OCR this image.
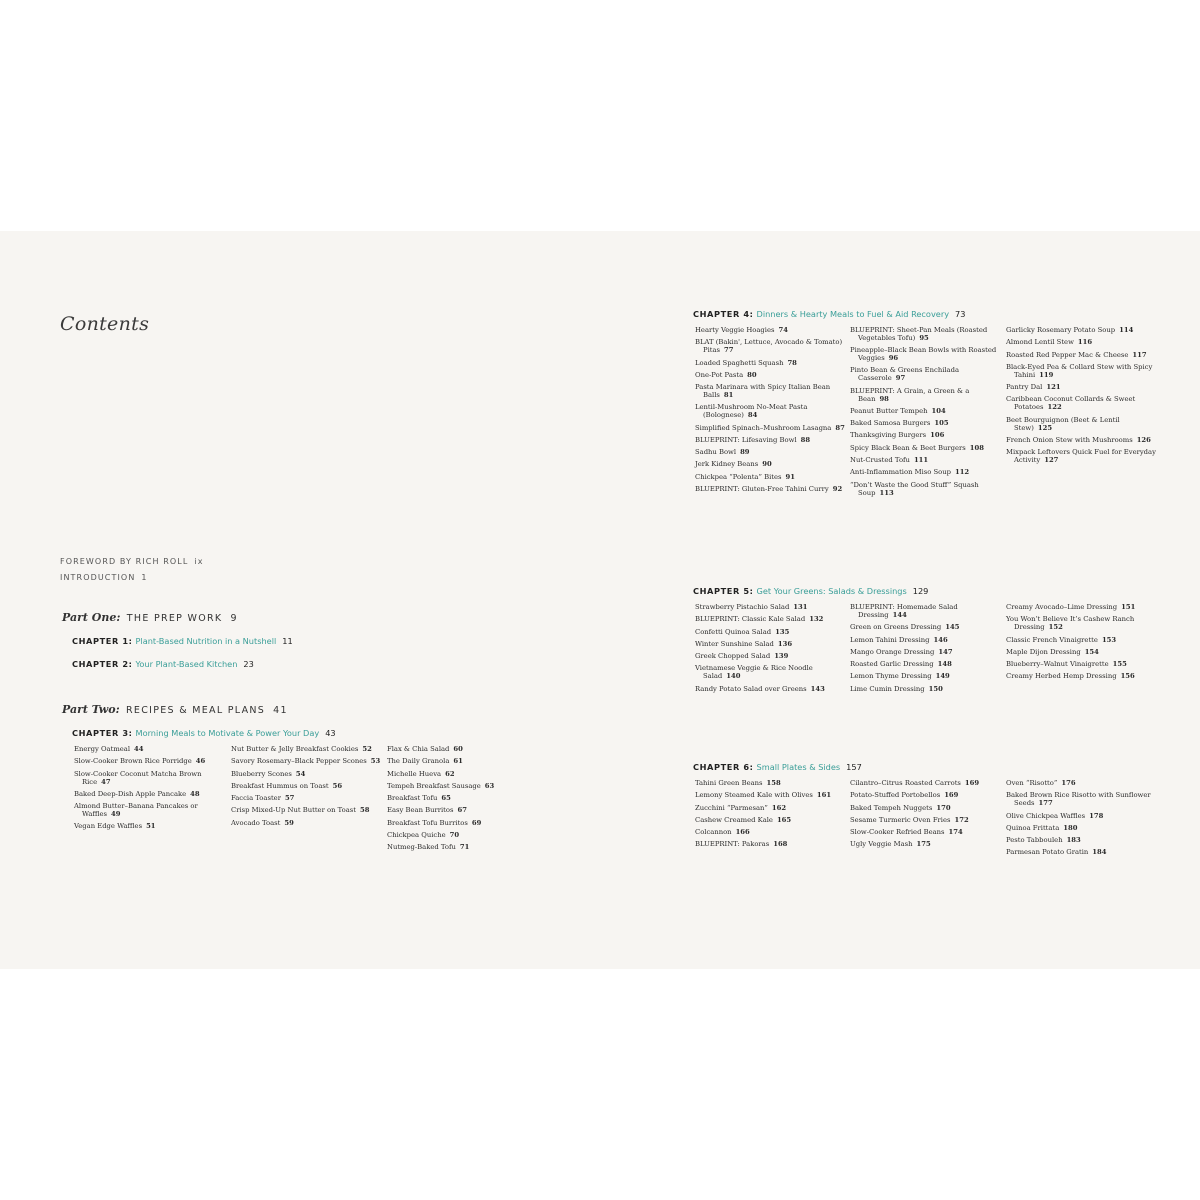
Contents
FOREWORD BY RICH ROLL ix
INTRODUCTION 1
Part One: THE PREP WORK 9
CHAPTER 1: Plant-Based Nutrition in a Nutshell 11
CHAPTER 2: Your Plant-Based Kitchen 23
Part Two: RECIPES & MEAL PLANS 41
CHAPTER 3: Morning Meals to Motivate & Power Your Day 43
Energy Oatmeal 44
Slow-Cooker Brown Rice Porridge 46
Slow-Cooker Coconut Matcha Brown Rice 47
Baked Deep-Dish Apple Pancake 48
Almond Butter–Banana Pancakes or Waffles 49
Vegan Edge Waffles 51
Nut Butter & Jelly Breakfast Cookies 52
Savory Rosemary–Black Pepper Scones 53
Blueberry Scones 54
Breakfast Hummus on Toast 56
Faccia Toaster 57
Crisp Mixed-Up Nut Butter on Toast 58
Avocado Toast 59
Flax & Chia Salad 60
The Daily Granola 61
Michelle Hueva 62
Tempeh Breakfast Sausage 63
Breakfast Tofu 65
Easy Bean Burritos 67
Breakfast Tofu Burritos 69
Chickpea Quiche 70
Nutmeg-Baked Tofu 71
CHAPTER 4: Dinners & Hearty Meals to Fuel & Aid Recovery 73
Hearty Veggie Hoagies 74
BLAT (Bakin', Lettuce, Avocado & Tomato) Pitas 77
Loaded Spaghetti Squash 78
One-Pot Pasta 80
Pasta Marinara with Spicy Italian Bean Balls 81
Lentil-Mushroom No-Meat Pasta (Bolognese) 84
Simplified Spinach–Mushroom Lasagna 87
BLUEPRINT: Lifesaving Bowl 88
Sadhu Bowl 89
Jerk Kidney Beans 90
Chickpea “Polenta” Bites 91
BLUEPRINT: Gluten-Free Tahini Curry 92
BLUEPRINT: Sheet-Pan Meals (Roasted Vegetables Tofu) 95
Pineapple–Black Bean Bowls with Roasted Veggies 96
Pinto Bean & Greens Enchilada Casserole 97
BLUEPRINT: A Grain, a Green & a Bean 98
Peanut Butter Tempeh 104
Baked Samosa Burgers 105
Thanksgiving Burgers 106
Spicy Black Bean & Beet Burgers 108
Nut-Crusted Tofu 111
Anti-Inflammation Miso Soup 112
“Don’t Waste the Good Stuff” Squash Soup 113
Garlicky Rosemary Potato Soup 114
Almond Lentil Stew 116
Roasted Red Pepper Mac & Cheese 117
Black-Eyed Pea & Collard Stew with Spicy Tahini 119
Pantry Dal 121
Caribbean Coconut Collards & Sweet Potatoes 122
Beet Bourguignon (Beet & Lentil Stew) 125
French Onion Stew with Mushrooms 126
Mixpack Leftovers Quick Fuel for Everyday Activity 127
CHAPTER 5: Get Your Greens: Salads & Dressings 129
Strawberry Pistachio Salad 131
BLUEPRINT: Classic Kale Salad 132
Confetti Quinoa Salad 135
Winter Sunshine Salad 136
Greek Chopped Salad 139
Vietnamese Veggie & Rice Noodle Salad 140
Randy Potato Salad over Greens 143
BLUEPRINT: Homemade Salad Dressing 144
Green on Greens Dressing 145
Lemon Tahini Dressing 146
Mango Orange Dressing 147
Roasted Garlic Dressing 148
Lemon Thyme Dressing 149
Lime Cumin Dressing 150
Creamy Avocado–Lime Dressing 151
You Won’t Believe It’s Cashew Ranch Dressing 152
Classic French Vinaigrette 153
Maple Dijon Dressing 154
Blueberry–Walnut Vinaigrette 155
Creamy Herbed Hemp Dressing 156
CHAPTER 6: Small Plates & Sides 157
Tahini Green Beans 158
Lemony Steamed Kale with Olives 161
Zucchini “Parmesan” 162
Cashew Creamed Kale 165
Colcannon 166
BLUEPRINT: Pakoras 168
Cilantro–Citrus Roasted Carrots 169
Potato-Stuffed Portobellos 169
Baked Tempeh Nuggets 170
Sesame Turmeric Oven Fries 172
Slow-Cooker Refried Beans 174
Ugly Veggie Mash 175
Oven “Risotto” 176
Baked Brown Rice Risotto with Sunflower Seeds 177
Olive Chickpea Waffles 178
Quinoa Frittata 180
Pesto Tabbouleh 183
Parmesan Potato Gratin 184
